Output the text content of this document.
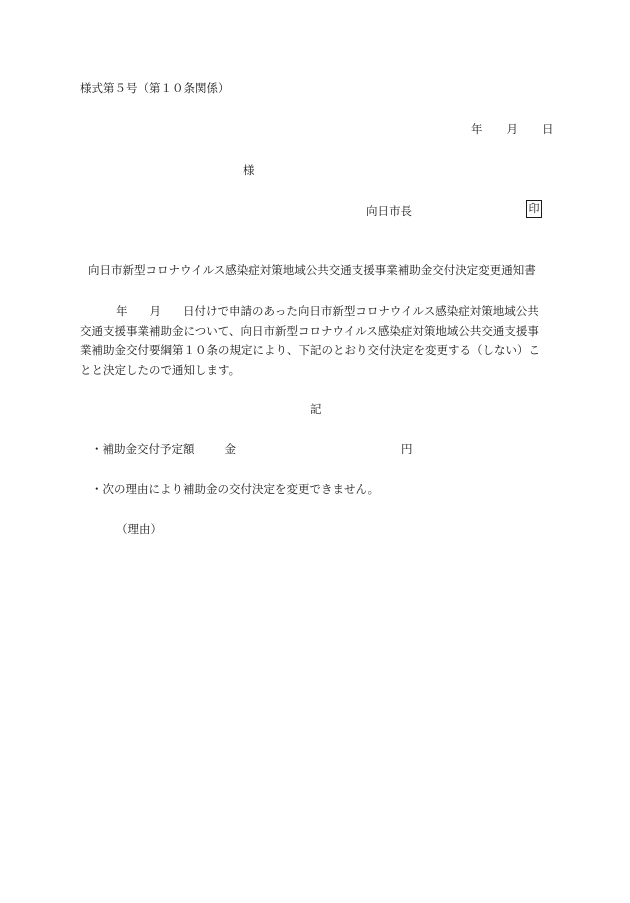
様式第５号（第１０条関係）
年 月 日
様
向日市長	印
向日市新型コロナウイルス感染症対策地域公共交通支援事業補助金交付決定変更通知書

年 月 日付けで申請のあった向日市新型コロナウイルス感染症対策地域公共

交通支援事業補助金について、向日市新型コロナウイルス感染症対策地域公共交通支援事

業補助金交付要綱第１０条の規定により、下記のとおり交付決定を変更する（しない）こ

とと決定したので通知します。

記
・補助金交付予定額	金	円
・次の理由により補助金の交付決定を変更できません。
（理由）
